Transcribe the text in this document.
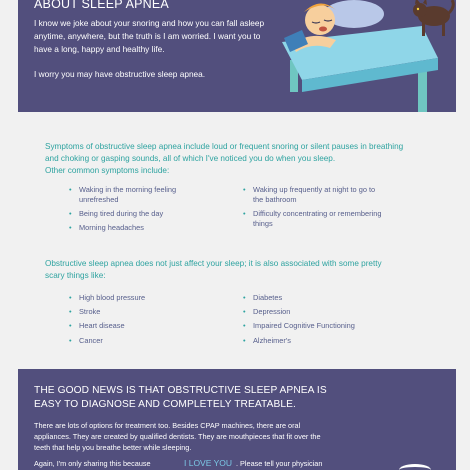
ABOUT SLEEP APNEA

I know we joke about your snoring and how you can fall asleep anytime, anywhere, but the truth is I am worried. I want you to have a long, happy and healthy life.

I worry you may have obstructive sleep apnea.

Symptoms of obstructive sleep apnea include loud or frequent snoring or silent pauses in breathing and choking or gasping sounds, all of which I've noticed you do when you sleep.
Other common symptoms include:

• Waking in the morning feeling unrefreshed
• Being tired during the day
• Morning headaches
• Waking up frequently at night to go to the bathroom
• Difficulty concentrating or remembering things

Obstructive sleep apnea does not just affect your sleep; it is also associated with some pretty scary things like:

• High blood pressure
• Stroke
• Heart disease
• Cancer
• Diabetes
• Depression
• Impaired Cognitive Functioning
• Alzheimer's
THE GOOD NEWS IS THAT OBSTRUCTIVE SLEEP APNEA IS EASY TO DIAGNOSE AND COMPLETELY TREATABLE.

There are lots of options for treatment too. Besides CPAP machines, there are oral appliances. They are created by qualified dentists. They are mouthpieces that fit over the teeth that help you breathe better while sleeping.

Again, I'm only sharing this because	I LOVE YOU . Please tell your physician
